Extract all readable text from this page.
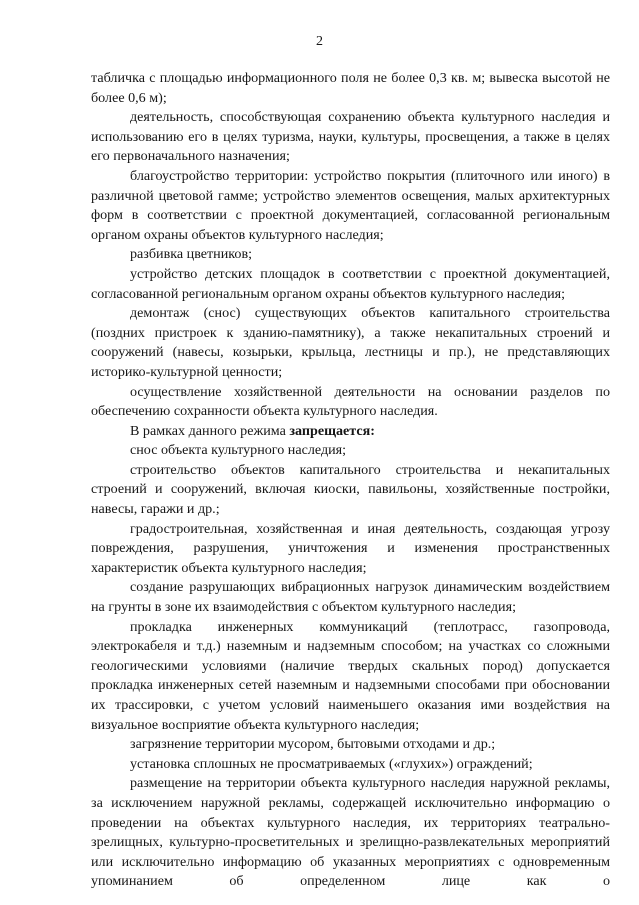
2

табличка с площадью информационного поля не более 0,3 кв. м; вывеска высотой не более 0,6 м);

деятельность, способствующая сохранению объекта культурного наследия и использованию его в целях туризма, науки, культуры, просвещения, а также в целях его первоначального назначения;

благоустройство территории: устройство покрытия (плиточного или иного) в различной цветовой гамме; устройство элементов освещения, малых архитектурных форм в соответствии с проектной документацией, согласованной региональным органом охраны объектов культурного наследия;

разбивка цветников;

устройство детских площадок в соответствии с проектной документацией, согласованной региональным органом охраны объектов культурного наследия;

демонтаж (снос) существующих объектов капитального строительства (поздних пристроек к зданию-памятнику), а также некапитальных строений и сооружений (навесы, козырьки, крыльца, лестницы и пр.), не представляющих историко-культурной ценности;

осуществление хозяйственной деятельности на основании разделов по обеспечению сохранности объекта культурного наследия.

В рамках данного режима запрещается:

снос объекта культурного наследия;

строительство объектов капитального строительства и некапитальных строений и сооружений, включая киоски, павильоны, хозяйственные постройки, навесы, гаражи и др.;

градостроительная, хозяйственная и иная деятельность, создающая угрозу повреждения, разрушения, уничтожения и изменения пространственных характеристик объекта культурного наследия;

создание разрушающих вибрационных нагрузок динамическим воздействием на грунты в зоне их взаимодействия с объектом культурного наследия;

прокладка инженерных коммуникаций (теплотрасс, газопровода, электрокабеля и т.д.) наземным и надземным способом; на участках со сложными геологическими условиями (наличие твердых скальных пород) допускается прокладка инженерных сетей наземным и надземными способами при обосновании их трассировки, с учетом условий наименьшего оказания ими воздействия на визуальное восприятие объекта культурного наследия;

загрязнение территории мусором, бытовыми отходами и др.;

установка сплошных не просматриваемых («глухих») ограждений;

размещение на территории объекта культурного наследия наружной рекламы, за исключением наружной рекламы, содержащей исключительно информацию о проведении на объектах культурного наследия, их территориях театрально-зрелищных, культурно-просветительных и зрелищно-развлекательных мероприятий или исключительно информацию об указанных мероприятиях с одновременным упоминанием об определенном лице как о
